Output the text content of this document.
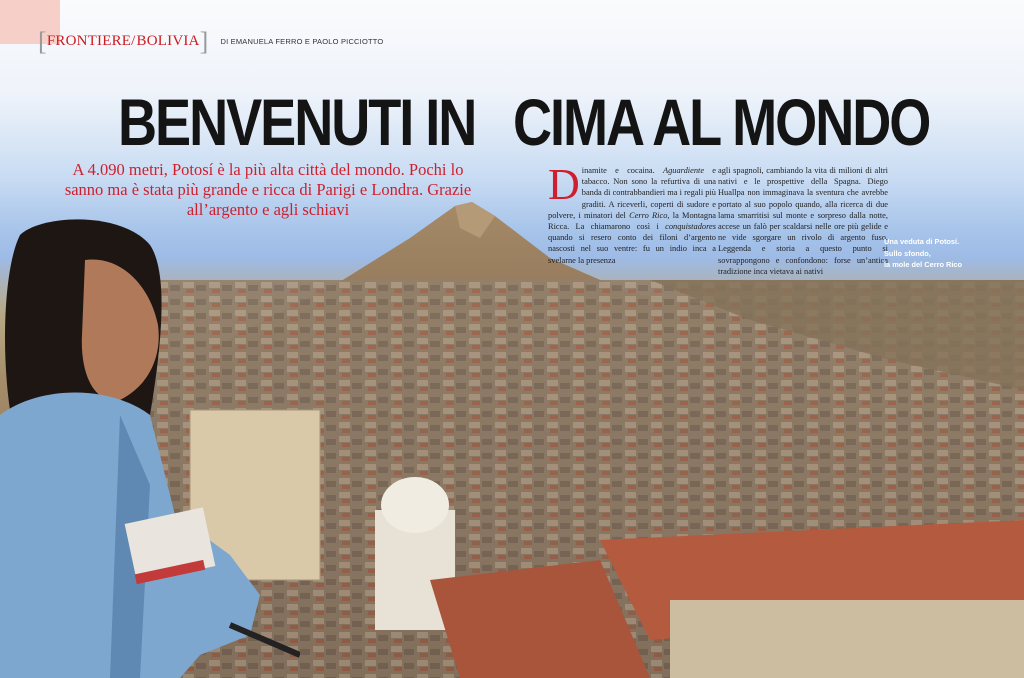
[ FRONTIERE/ BOLIVIA ] DI EMANUELA FERRO E PAOLO PICCIOTTO
BENVENUTI IN CIMA AL MONDO
A 4.090 metri, Potosí è la più alta città del mondo. Pochi lo sanno ma è stata più grande e ricca di Parigi e Londra. Grazie all’argento e agli schiavi
Dinamite e cocaina. Aguardiente e tabacco. Non sono la refurtiva di una banda di contrabbandieri ma i regali più graditi. A riceverli, coperti di sudore e polvere, i minatori del Cerro Rico, la Montagna Ricca. La chiamarono così i conquistadores quando si resero conto dei filoni d’argento nascosti nel suo ventre: fu un indio inca a svelarne la presenza
agli spagnoli, cambiando la vita di milioni di altri nativi e le prospettive della Spagna. Diego Huallpa non immaginava la sventura che avrebbe portato al suo popolo quando, alla ricerca di due lama smarritisi sul monte e sorpreso dalla notte, accese un falò per scaldarsi nelle ore più gelide e ne vide sgorgare un rivolo di argento fuso. Leggenda e storia a questo punto si sovrappongono e confondono: forse un’antica tradizione inca vietava ai nativi
Una veduta di Potosí.
Sullo sfondo,
la mole del Cerro Rico
